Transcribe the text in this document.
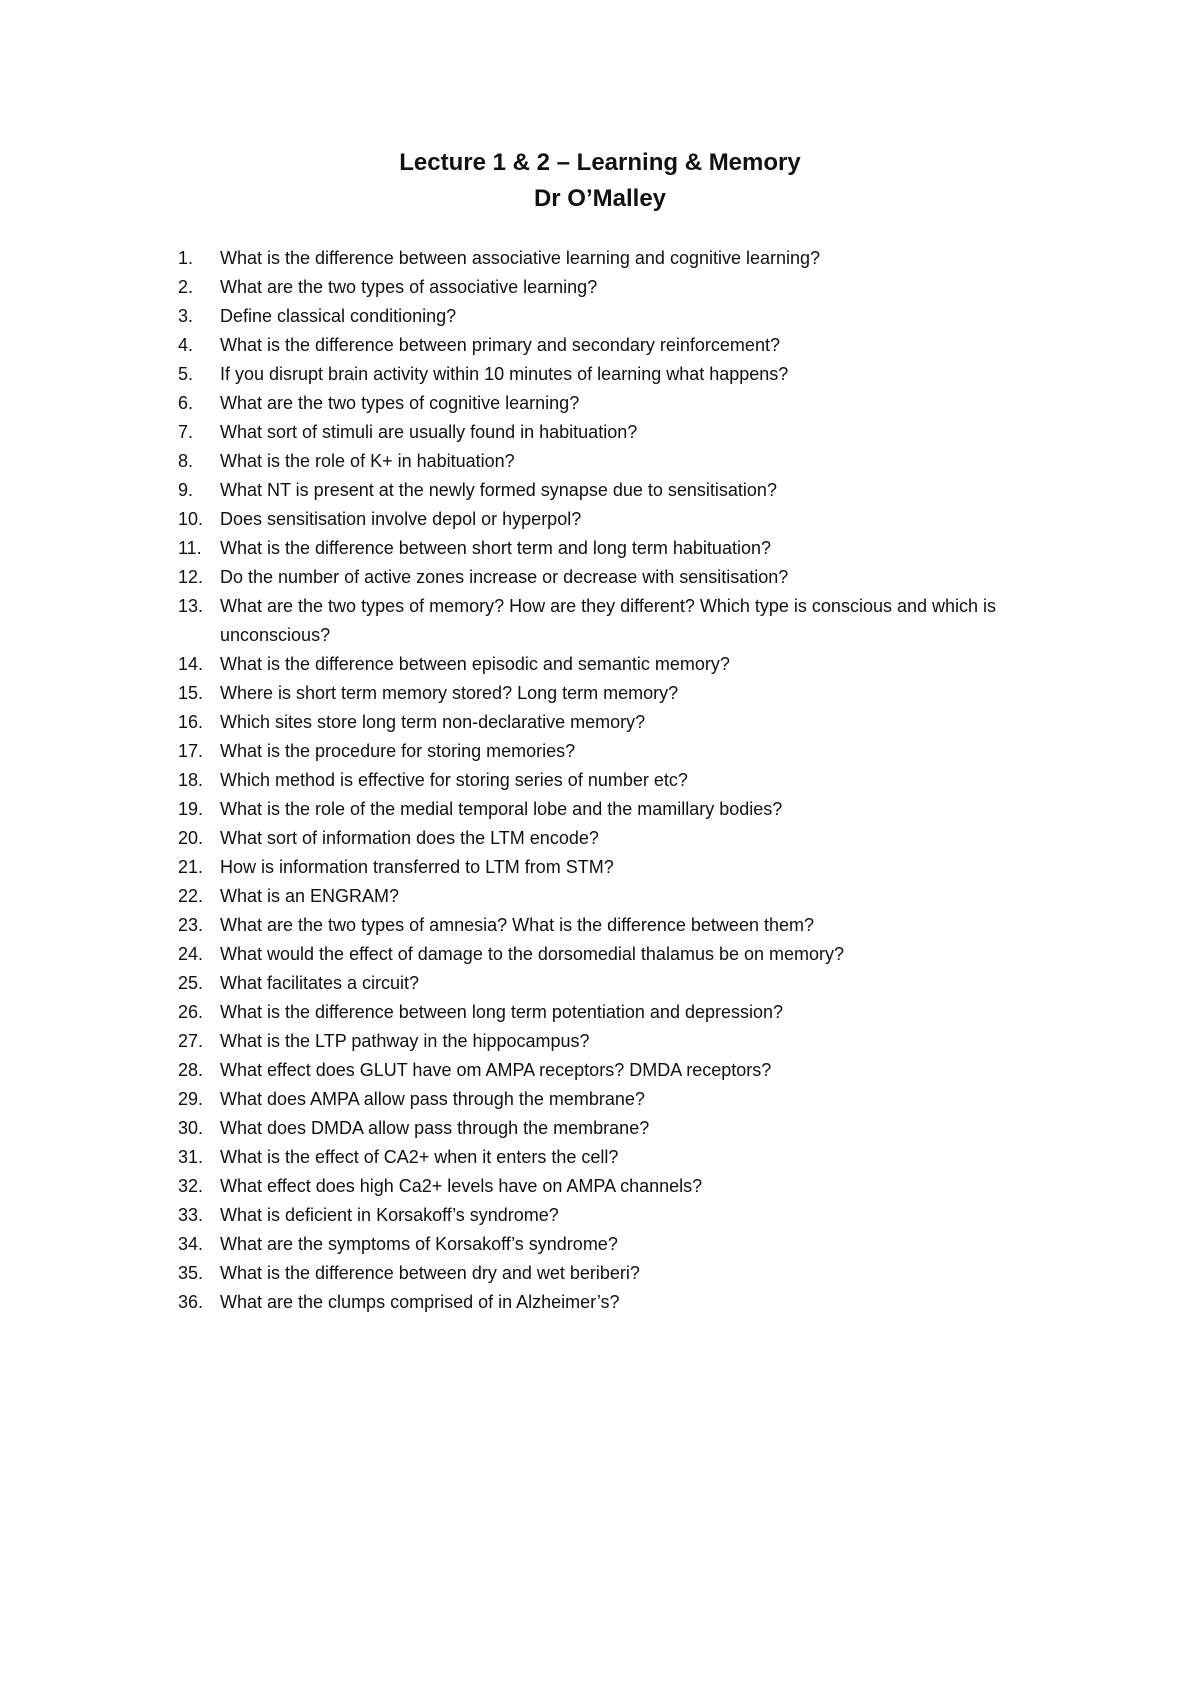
Lecture 1 & 2 – Learning & Memory
Dr O’Malley
1.	What is the difference between associative learning and cognitive learning?
2.	What are the two types of associative learning?
3.	Define classical conditioning?
4.	What is the difference between primary and secondary reinforcement?
5.	If you disrupt brain activity within 10 minutes of learning what happens?
6.	What are the two types of cognitive learning?
7.	What sort of stimuli are usually found in habituation?
8.	What is the role of K+ in habituation?
9.	What NT is present at the newly formed synapse due to sensitisation?
10. Does sensitisation involve depol or hyperpol?
11.	What is the difference between short term and long term habituation?
12. Do the number of active zones increase or decrease with sensitisation?
13. What are the two types of memory? How are they different? Which type is conscious and which is unconscious?
14. What is the difference between episodic and semantic memory?
15. Where is short term memory stored? Long term memory?
16. Which sites store long term non-declarative memory?
17. What is the procedure for storing memories?
18. Which method is effective for storing series of number etc?
19. What is the role of the medial temporal lobe and the mamillary bodies?
20. What sort of information does the LTM encode?
21. How is information transferred to LTM from STM?
22. What is an ENGRAM?
23. What are the two types of amnesia? What is the difference between them?
24. What would the effect of damage to the dorsomedial thalamus be on memory?
25. What facilitates a circuit?
26. What is the difference between long term potentiation and depression?
27. What is the LTP pathway in the hippocampus?
28. What effect does GLUT have om AMPA receptors? DMDA receptors?
29. What does AMPA allow pass through the membrane?
30. What does DMDA allow pass through the membrane?
31. What is the effect of CA2+ when it enters the cell?
32. What effect does high Ca2+ levels have on AMPA channels?
33. What is deficient in Korsakoff’s syndrome?
34. What are the symptoms of Korsakoff’s syndrome?
35. What is the difference between dry and wet beriberi?
36. What are the clumps comprised of in Alzheimer’s?
